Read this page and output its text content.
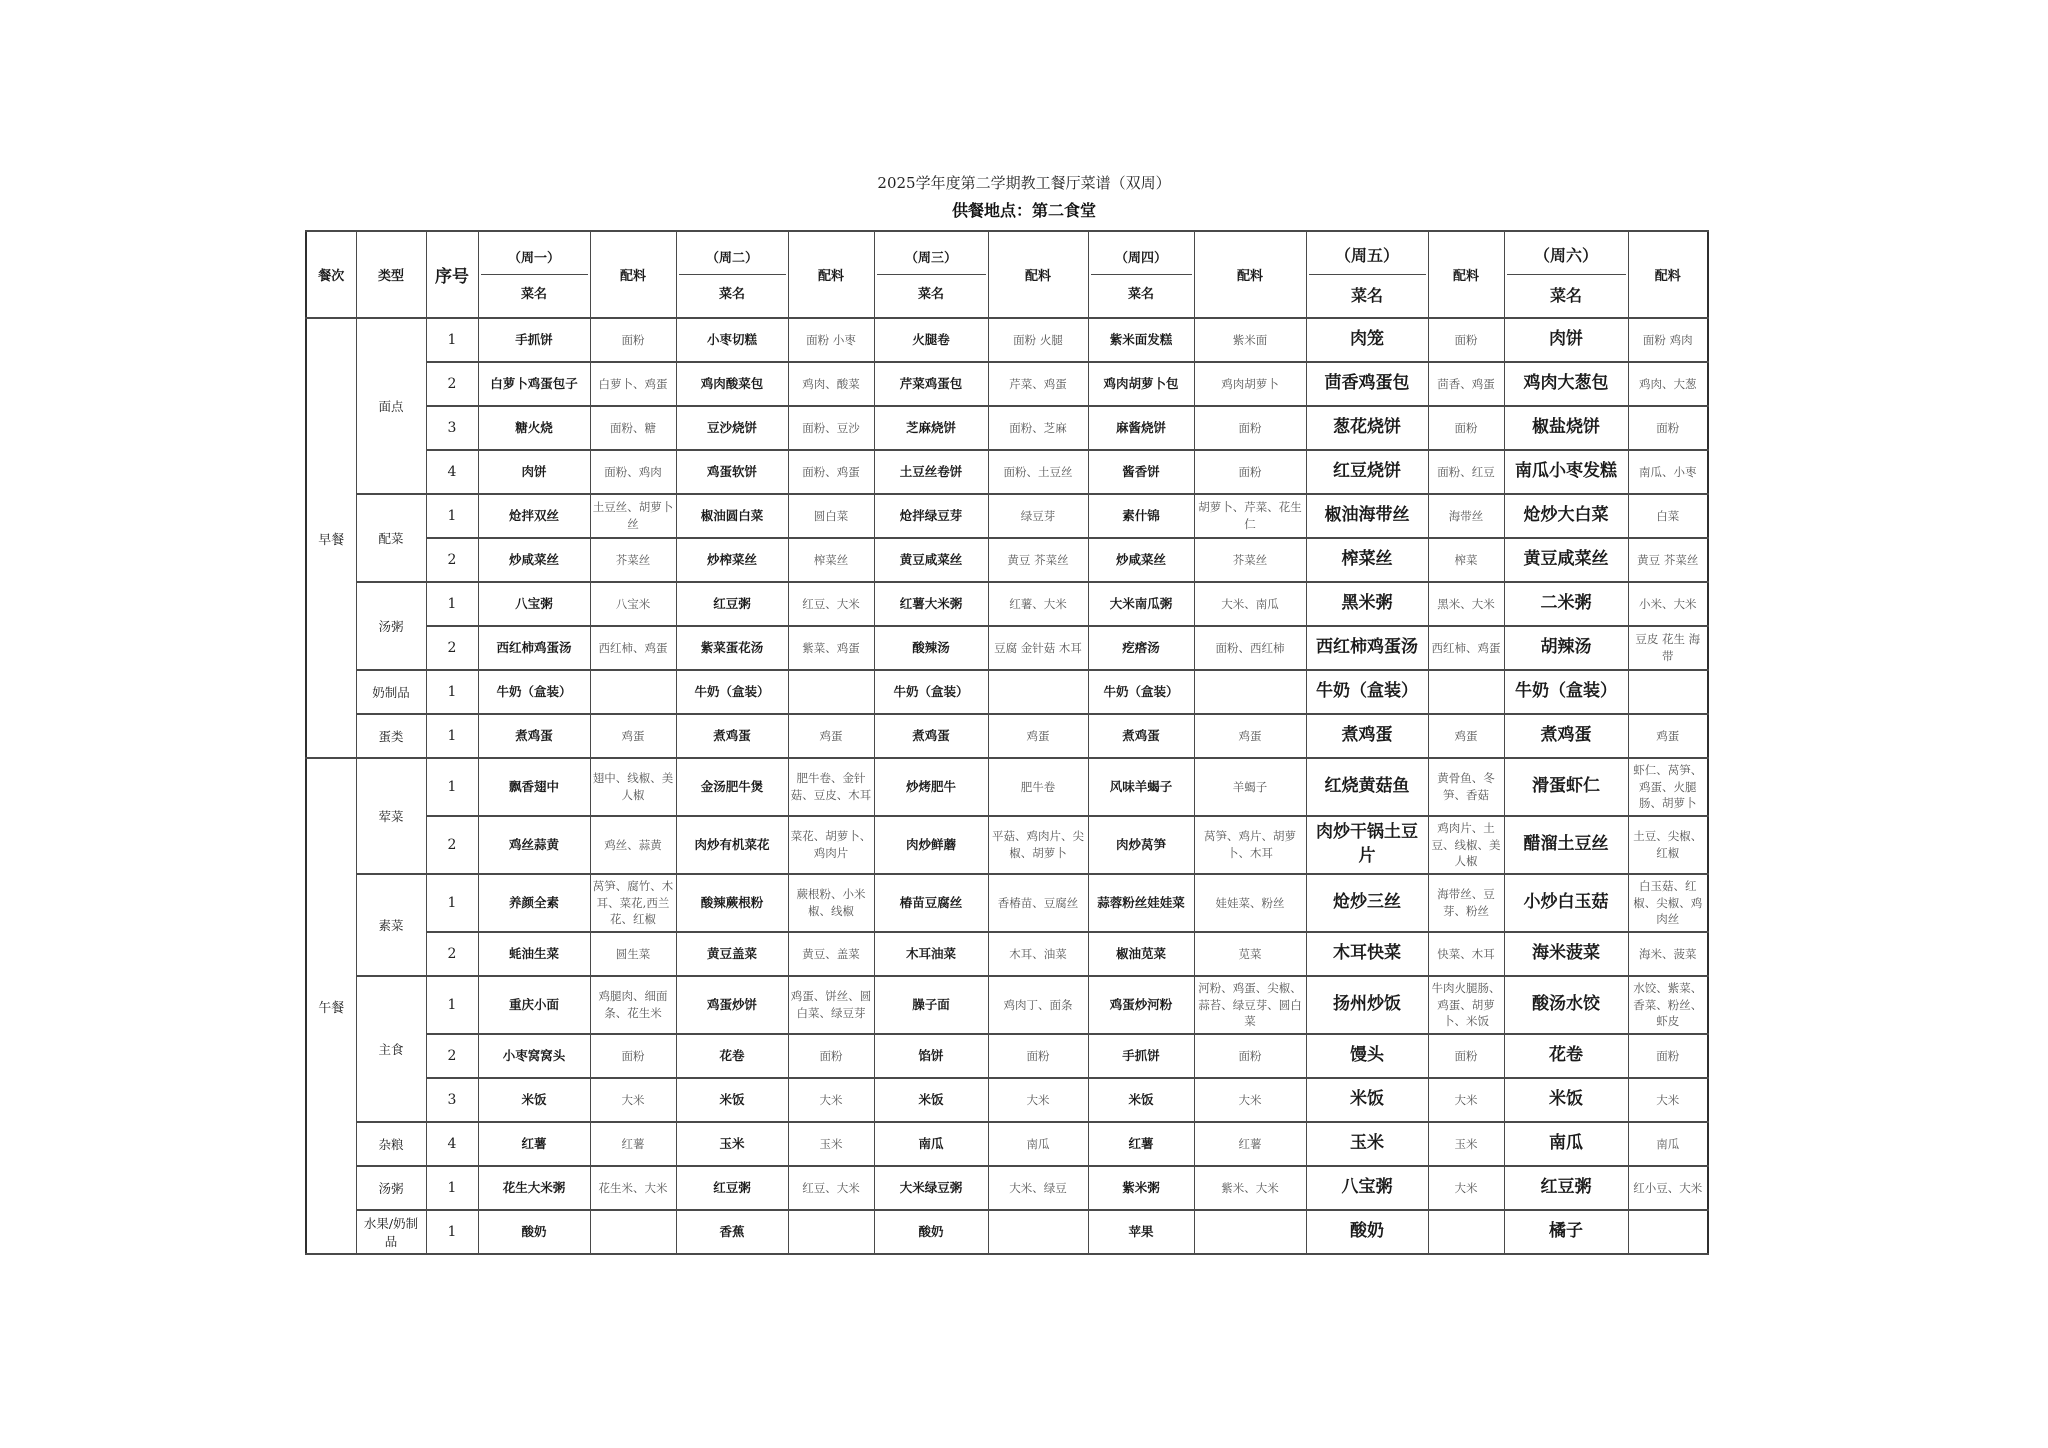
2025学年度第二学期教工餐厅菜谱（双周）
供餐地点：第二食堂
餐次	类型	序号	
（周一）
菜名
	配料	
（周二）
菜名
	配料	
（周三）
菜名
	配料	
（周四）
菜名
	配料	
（周五）
菜名
	配料	
（周六）
菜名
	配料
早餐	面点	1	手抓饼	面粉	小枣切糕	面粉 小枣	火腿卷	面粉 火腿	紫米面发糕	紫米面	肉笼	面粉	肉饼	面粉 鸡肉
		2	白萝卜鸡蛋包子	白萝卜、鸡蛋	鸡肉酸菜包	鸡肉、酸菜	芹菜鸡蛋包	芹菜、鸡蛋	鸡肉胡萝卜包	鸡肉胡萝卜	茴香鸡蛋包	茴香、鸡蛋	鸡肉大葱包	鸡肉、大葱
		3	糖火烧	面粉、糖	豆沙烧饼	面粉、豆沙	芝麻烧饼	面粉、芝麻	麻酱烧饼	面粉	葱花烧饼	面粉	椒盐烧饼	面粉
		4	肉饼	面粉、鸡肉	鸡蛋软饼	面粉、鸡蛋	土豆丝卷饼	面粉、土豆丝	酱香饼	面粉	红豆烧饼	面粉、红豆	南瓜小枣发糕	南瓜、小枣
	配菜	1	炝拌双丝	土豆丝、胡萝卜丝	椒油圆白菜	圆白菜	炝拌绿豆芽	绿豆芽	素什锦	胡萝卜、芹菜、花生仁	椒油海带丝	海带丝	炝炒大白菜	白菜
		2	炒咸菜丝	芥菜丝	炒榨菜丝	榨菜丝	黄豆咸菜丝	黄豆 芥菜丝	炒咸菜丝	芥菜丝	榨菜丝	榨菜	黄豆咸菜丝	黄豆 芥菜丝
	汤粥	1	八宝粥	八宝米	红豆粥	红豆、大米	红薯大米粥	红薯、大米	大米南瓜粥	大米、南瓜	黑米粥	黑米、大米	二米粥	小米、大米
		2	西红柿鸡蛋汤	西红柿、鸡蛋	紫菜蛋花汤	紫菜、鸡蛋	酸辣汤	豆腐 金针菇 木耳	疙瘩汤	面粉、西红柿	西红柿鸡蛋汤	西红柿、鸡蛋	胡辣汤	豆皮 花生 海带
	奶制品	1	牛奶（盒装）		牛奶（盒装）		牛奶（盒装）		牛奶（盒装）		牛奶（盒装）		牛奶（盒装）	
	蛋类	1	煮鸡蛋	鸡蛋	煮鸡蛋	鸡蛋	煮鸡蛋	鸡蛋	煮鸡蛋	鸡蛋	煮鸡蛋	鸡蛋	煮鸡蛋	鸡蛋
午餐	荤菜	1	飘香翅中	翅中、线椒、美人椒	金汤肥牛煲	肥牛卷、金针菇、豆皮、木耳	炒烤肥牛	肥牛卷	风味羊蝎子	羊蝎子	红烧黄菇鱼	黄骨鱼、冬笋、香菇	滑蛋虾仁	虾仁、莴笋、鸡蛋、火腿肠、胡萝卜
		2	鸡丝蒜黄	鸡丝、蒜黄	肉炒有机菜花	菜花、胡萝卜、鸡肉片	肉炒鲜蘑	平菇、鸡肉片、尖椒、胡萝卜	肉炒莴笋	莴笋、鸡片、胡萝卜、木耳	肉炒干锅土豆片	鸡肉片、土豆、线椒、美人椒	醋溜土豆丝	土豆、尖椒、红椒
	素菜	1	养颜全素	莴笋、腐竹、木耳、菜花,西兰花、红椒	酸辣蕨根粉	蕨根粉、小米椒、线椒	椿苗豆腐丝	香椿苗、豆腐丝	蒜蓉粉丝娃娃菜	娃娃菜、粉丝	炝炒三丝	海带丝、豆芽、粉丝	小炒白玉菇	白玉菇、红椒、尖椒、鸡肉丝
		2	蚝油生菜	圆生菜	黄豆盖菜	黄豆、盖菜	木耳油菜	木耳、油菜	椒油苋菜	苋菜	木耳快菜	快菜、木耳	海米菠菜	海米、菠菜
	主食	1	重庆小面	鸡腿肉、细面条、花生米	鸡蛋炒饼	鸡蛋、饼丝、圆白菜、绿豆芽	臊子面	鸡肉丁、面条	鸡蛋炒河粉	河粉、鸡蛋、尖椒、蒜苔、绿豆芽、圆白菜	扬州炒饭	牛肉火腿肠、鸡蛋、胡萝卜、米饭	酸汤水饺	水饺、紫菜、香菜、粉丝、虾皮
		2	小枣窝窝头	面粉	花卷	面粉	馅饼	面粉	手抓饼	面粉	馒头	面粉	花卷	面粉
		3	米饭	大米	米饭	大米	米饭	大米	米饭	大米	米饭	大米	米饭	大米
	杂粮	4	红薯	红薯	玉米	玉米	南瓜	南瓜	红薯	红薯	玉米	玉米	南瓜	南瓜
	汤粥	1	花生大米粥	花生米、大米	红豆粥	红豆、大米	大米绿豆粥	大米、绿豆	紫米粥	紫米、大米	八宝粥	大米	红豆粥	红小豆、大米
	水果/奶制品	1	酸奶		香蕉		酸奶		苹果		酸奶		橘子	
